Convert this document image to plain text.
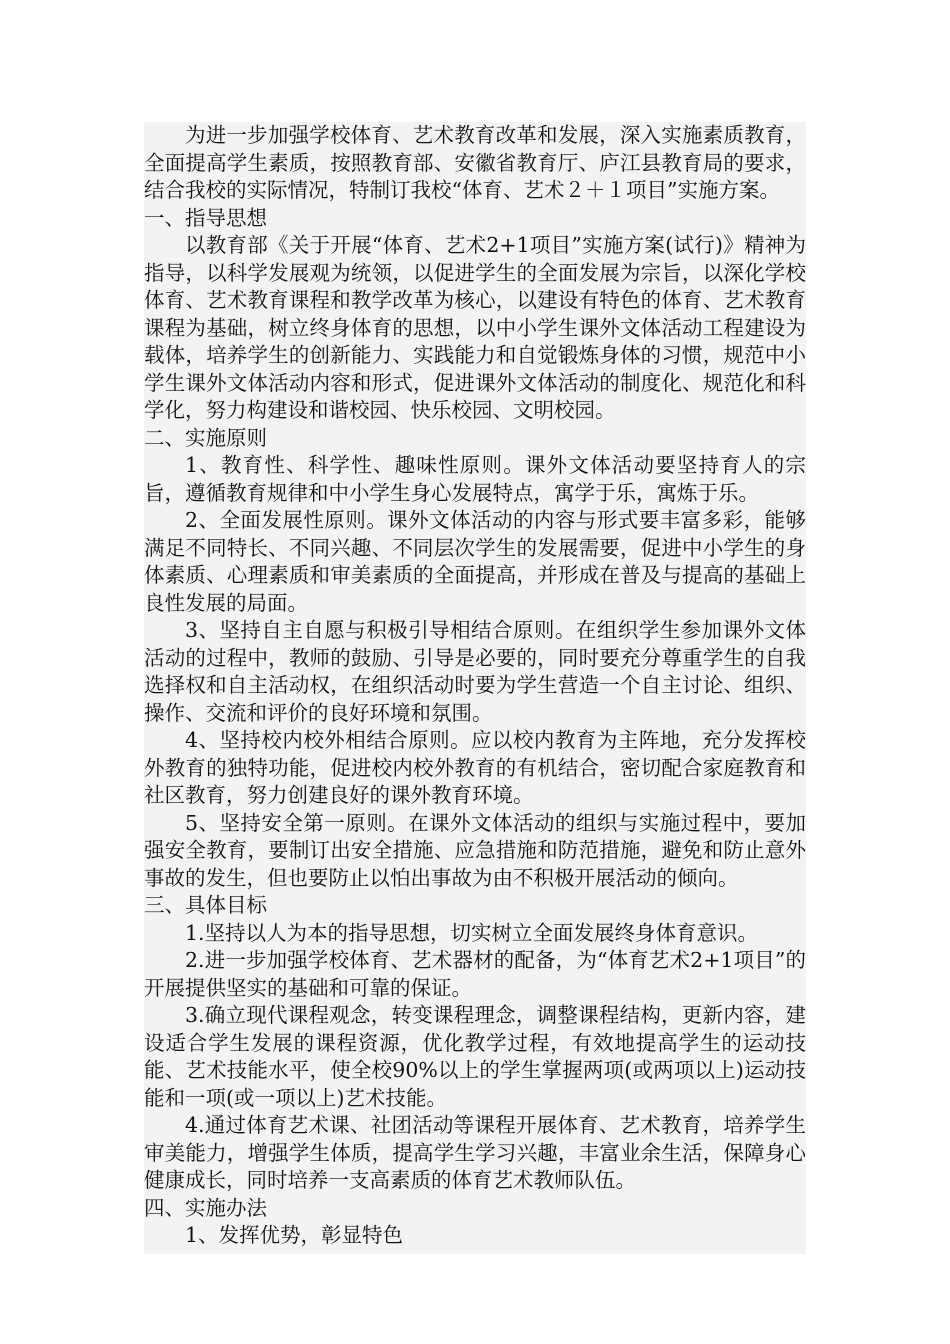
为进一步加强学校体育、艺术教育改革和发展，深入实施素质教育，全面提高学生素质，按照教育部、安徽省教育厅、庐江县教育局的要求，结合我校的实际情况，特制订我校“体育、艺术２＋１项目”实施方案。

一、指导思想

以教育部《关于开展“体育、艺术2+1项目”实施方案(试行)》精神为指导，以科学发展观为统领，以促进学生的全面发展为宗旨，以深化学校体育、艺术教育课程和教学改革为核心，以建设有特色的体育、艺术教育课程为基础，树立终身体育的思想，以中小学生课外文体活动工程建设为载体，培养学生的创新能力、实践能力和自觉锻炼身体的习惯，规范中小学生课外文体活动内容和形式，促进课外文体活动的制度化、规范化和科学化，努力构建设和谐校园、快乐校园、文明校园。

二、实施原则

1、教育性、科学性、趣味性原则。课外文体活动要坚持育人的宗旨，遵循教育规律和中小学生身心发展特点，寓学于乐，寓炼于乐。

2、全面发展性原则。课外文体活动的内容与形式要丰富多彩，能够满足不同特长、不同兴趣、不同层次学生的发展需要，促进中小学生的身体素质、心理素质和审美素质的全面提高，并形成在普及与提高的基础上良性发展的局面。

3、坚持自主自愿与积极引导相结合原则。在组织学生参加课外文体活动的过程中，教师的鼓励、引导是必要的，同时要充分尊重学生的自我选择权和自主活动权，在组织活动时要为学生营造一个自主讨论、组织、操作、交流和评价的良好环境和氛围。

4、坚持校内校外相结合原则。应以校内教育为主阵地，充分发挥校外教育的独特功能，促进校内校外教育的有机结合，密切配合家庭教育和社区教育，努力创建良好的课外教育环境。

5、坚持安全第一原则。在课外文体活动的组织与实施过程中，要加强安全教育，要制订出安全措施、应急措施和防范措施，避免和防止意外事故的发生，但也要防止以怕出事故为由不积极开展活动的倾向。

三、具体目标

1.坚持以人为本的指导思想，切实树立全面发展终身体育意识。

2.进一步加强学校体育、艺术器材的配备，为“体育艺术2+1项目”的开展提供坚实的基础和可靠的保证。

3.确立现代课程观念，转变课程理念，调整课程结构，更新内容，建设适合学生发展的课程资源，优化教学过程，有效地提高学生的运动技能、艺术技能水平，使全校90%以上的学生掌握两项(或两项以上)运动技能和一项(或一项以上)艺术技能。

4.通过体育艺术课、社团活动等课程开展体育、艺术教育，培养学生审美能力，增强学生体质，提高学生学习兴趣，丰富业余生活，保障身心健康成长，同时培养一支高素质的体育艺术教师队伍。

四、实施办法

1、发挥优势，彰显特色
